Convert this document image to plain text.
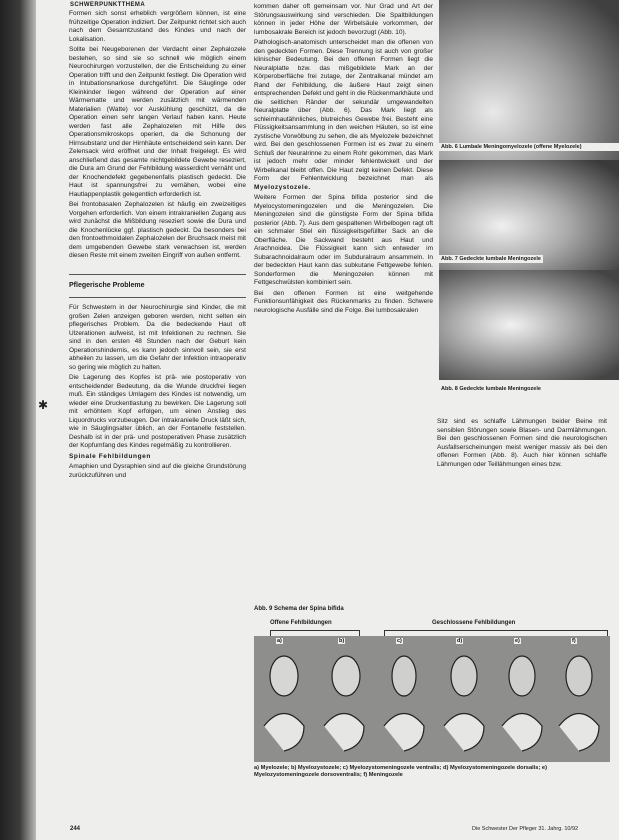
✱
SCHWERPUNKTTHEMA

Formen sich sonst erheblich vergrößern können, ist eine frühzeitige Operation indiziert. Der Zeitpunkt richtet sich auch nach dem Gesamtzustand des Kindes und nach der Lokalisation.

Sollte bei Neugeborenen der Verdacht einer Zephalozele bestehen, so sind sie so schnell wie möglich einem Neurochirurgen vorzustellen, der die Entscheidung zu einer Operation trifft und den Zeitpunkt festlegt. Die Operation wird in Intubationsnarkose durchgeführt. Die Säuglinge oder Kleinkinder liegen während der Operation auf einer Wärmematte und werden zusätzlich mit wärmenden Materialien (Watte) vor Auskühlung geschützt, da die Operation einen sehr langen Verlauf haben kann. Heute werden fast alle Zephalozelen mit Hilfe des Operationsmikroskops operiert, da die Schonung der Hirnsubstanz und der Hirnhäute entscheidend sein kann. Der Zelensack wird eröffnet und der Inhalt freigelegt. Es wird anschließend das gesamte nichtgebildete Gewebe reseziert, die Dura am Grund der Fehlbildung wasserdicht vernäht und der Knochendefekt gegebenenfalls plastisch gedeckt. Die Haut ist spannungsfrei zu vernähen, wobei eine Hautlappenplastik gelegentlich erforderlich ist.

Bei frontobasalen Zephalozelen ist häufig ein zweizeitiges Vorgehen erforderlich. Von einem intrakraniellen Zugang aus wird zunächst die Mißbildung reseziert sowie die Dura und die Knochenlücke ggf. plastisch gedeckt. Da besonders bei den frontoethmoidalen Zephalozelen der Bruchsack meist mit dem umgebenden Gewebe stark verwachsen ist, werden diesen Reste mit einem zweiten Eingriff von außen entfernt.

Pflegerische Probleme

Für Schwestern in der Neurochirurgie sind Kinder, die mit großen Zelen anzeigen geboren werden, nicht selten ein pflegerisches Problem. Da die bedeckende Haut oft Ulzerationen aufweist, ist mit Infektionen zu rechnen. Sie sind in den ersten 48 Stunden nach der Geburt kein Operationshindernis, es kann jedoch sinnvoll sein, sie erst abheilen zu lassen, um die Gefahr der Infektion intraoperativ so gering wie möglich zu halten.

Die Lagerung des Kopfes ist prä- wie postoperativ von entscheidender Bedeutung, da die Wunde druckfrei liegen muß. Ein ständiges Umlagern des Kindes ist notwendig, um wieder eine Druckentlastung zu bewirken. Die Lagerung soll mit erhöhtem Kopf erfolgen, um einen Anstieg des Liquordrucks vorzubeugen. Der intrakranielle Druck läßt sich, wie in Säuglingsalter üblich, an der Fontanelle feststellen. Deshalb ist in der prä- und postoperativen Phase zusätzlich der Kopfumfang des Kindes regelmäßig zu kontrollieren.

Spinale Fehlbildungen

Amaphien und Dysraphien sind auf die gleiche Grundstörung zurückzuführen und

kommen daher oft gemeinsam vor. Nur Grad und Art der Störungsauswirkung sind verschieden. Die Spaltbildungen können in jeder Höhe der Wirbelsäule vorkommen, der lumbosakrale Bereich ist jedoch bevorzugt (Abb. 10).

Pathologisch-anatomisch unterscheidet man die offenen von den gedeckten Formen. Diese Trennung ist auch von großer klinischer Bedeutung. Bei den offenen Formen liegt die Neuralplatte bzw. das mißgebildete Mark an der Körperoberfläche frei zutage, der Zentralkanal mündet am Rand der Fehlbildung, die äußere Haut zeigt einen entsprechenden Defekt und geht in die Rückenmarkhäute und die seitlichen Ränder der sekundär umgewandelten Neuralplatte über (Abb. 6). Das Mark liegt als schleimhautähnliches, blutreiches Gewebe frei. Besteht eine Flüssigkeitsansammlung in den weichen Häuten, so ist eine zystische Vorwölbung zu sehen, die als Myelozele bezeichnet wird. Bei den geschlossenen Formen ist es zwar zu einem Schluß der Neuralrinne zu einem Rohr gekommen, das Mark ist jedoch mehr oder minder fehlentwickelt und der Wirbelkanal bleibt offen. Die Haut zeigt keinen Defekt. Diese Form der Fehlentwicklung bezeichnet man als Myelozystozele.

Weitere Formen der Spina bifida posterior sind die Myelocystomeningozelen und die Meningozelen. Die Meningozelen sind die günstigste Form der Spina bifida posterior (Abb. 7). Aus dem gespaltenen Wirbelbogen ragt oft ein schmaler Stiel ein flüssigkeitsgefüllter Sack an die Oberfläche. Die Sackwand besteht aus Haut und Arachnoidea. Die Flüssigkeit kann sich entweder im Subarachnoidalraum oder im Subduralraum ansammeln. In der bedeckten Haut kann das subkutane Fettgewebe fehlen. Sonderformen die Meningozelen können mit Fettgeschwülsten kombiniert sein.

Bei den offenen Formen ist eine weitgehende Funktionsunfähigkeit des Rückenmarks zu finden. Schwere neurologische Ausfälle sind die Folge. Bei lumbosakralen

Abb. 6 Lumbale Meningomyelozele (offene Myelozele)
Abb. 7 Gedeckte lumbale Meningozele
Abb. 8 Gedeckte lumbale Meningozele

Sitz sind es schlaffe Lähmungen beider Beine mit sensiblen Störungen sowie Blasen- und Darmlähmungen. Bei den geschlossenen Formen sind die neurologischen Ausfallserscheinungen meist weniger massiv als bei den offenen Formen (Abb. 8). Auch hier können schlaffe Lähmungen oder Teillähmungen eines bzw.

Abb. 9 Schema der Spina bifida
Offene Fehlbildungen	Geschlossene Fehlbildungen
a)	b)	c)	d)	e)	f)
a) Myelozele; b) Myelozystozele; c) Myelozystomeningozele ventralis; d) Myelozystomeningozele dorsalis; e) Myelozystomeningozele dorsoventralis; f) Meningozele
244	Die Schwester Der Pfleger 31. Jahrg. 10/92
